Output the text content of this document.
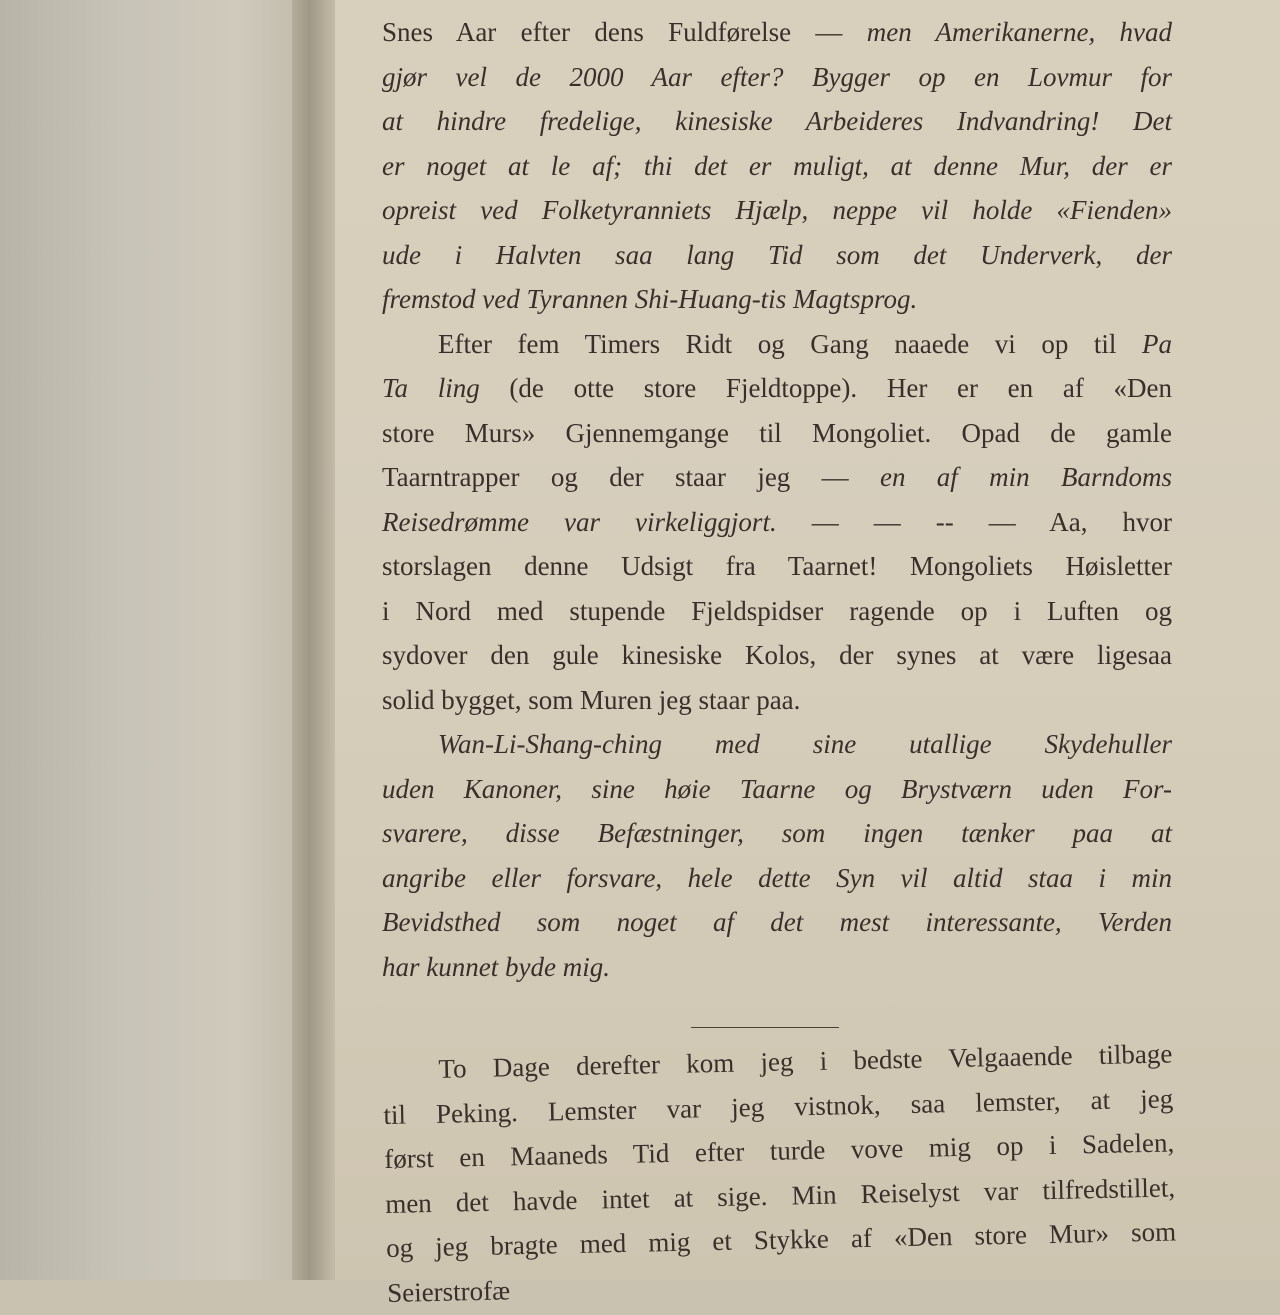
Snes Aar efter dens Fuldførelse — men Amerikanerne, hvad
gjør vel de 2000 Aar efter? Bygger op en Lovmur for
at hindre fredelige, kinesiske Arbeideres Indvandring! Det
er noget at le af; thi det er muligt, at denne Mur, der er
opreist ved Folketyranniets Hjælp, neppe vil holde «Fienden»
ude i Halvten saa lang Tid som det Underverk, der
fremstod ved Tyrannen Shi-Huang-tis Magtsprog.
Efter fem Timers Ridt og Gang naaede vi op til Pa
Ta ling (de otte store Fjeldtoppe). Her er en af «Den
store Murs» Gjennemgange til Mongoliet. Opad de gamle
Taarntrapper og der staar jeg — en af min Barndoms
Reisedrømme var virkeliggjort. — — -- — Aa, hvor
storslagen denne Udsigt fra Taarnet! Mongoliets Høisletter
i Nord med stupende Fjeldspidser ragende op i Luften og
sydover den gule kinesiske Kolos, der synes at være ligesaa
solid bygget, som Muren jeg staar paa.
Wan-Li-Shang-ching med sine utallige Skydehuller
uden Kanoner, sine høie Taarne og Brystværn uden For-
svarere, disse Befæstninger, som ingen tænker paa at
angribe eller forsvare, hele dette Syn vil altid staa i min
Bevidsthed som noget af det mest interessante, Verden
har kunnet byde mig.
To Dage derefter kom jeg i bedste Velgaaende tilbage
til Peking. Lemster var jeg vistnok, saa lemster, at jeg
først en Maaneds Tid efter turde vove mig op i Sadelen,
men det havde intet at sige. Min Reiselyst var tilfredstillet,
og jeg bragte med mig et Stykke af «Den store Mur» som
Seierstrofæ
